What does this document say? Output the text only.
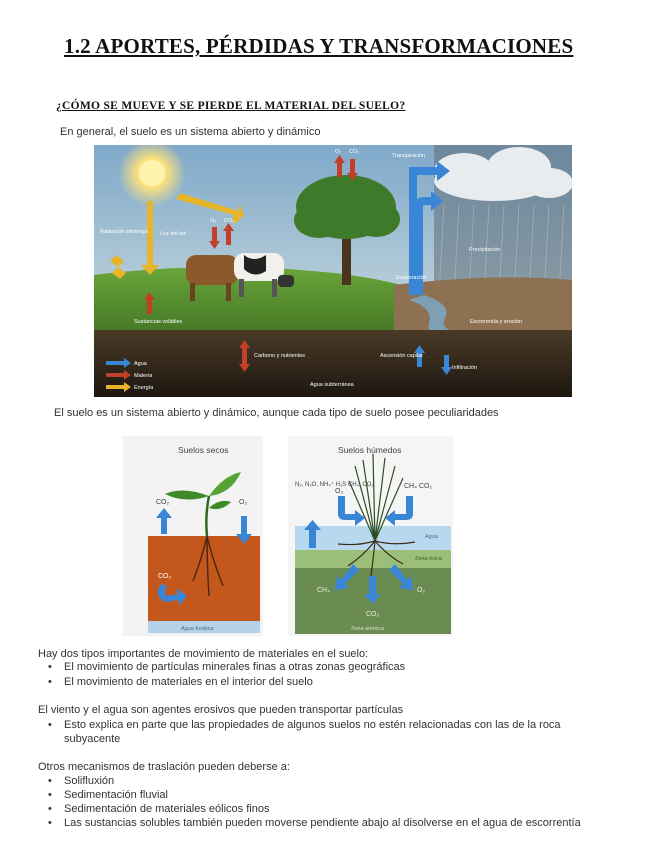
1.2 APORTES, PÉRDIDAS Y TRANSFORMACIONES
¿CÓMO SE MUEVE Y SE PIERDE EL MATERIAL DEL SUELO?
En general, el suelo es un sistema abierto y dinámico
O₂ CO₂
Transpiración
Radiación infrarroja Luz del sol
O₂ CO₂
Precipitación
Evaporación
Sustancias volátiles	Escorrentía y erosión
Carbono y nutrientes	Ascensión capilar
Infiltración
Agua subterránea
Agua
Materia
Energía
El suelo es un sistema abierto y dinámico, aunque cada tipo de suelo posee peculiaridades
Suelos secos	Suelos húmedos
CO₂	O₂
CO₂
Agua freática
N₂, N₂O, NH₄⁺ H₂S CH₄, CO₂
O₂
CH₄ CO₂
Agua
Zona óxica
CH₄
CO₂
O₂
Zona anóxica
Hay dos tipos importantes de movimiento de materiales en el suelo:
• El movimiento de partículas minerales finas a otras zonas geográficas
• El movimiento de materiales en el interior del suelo
El viento y el agua son agentes erosivos que pueden transportar partículas
• Esto explica en parte que las propiedades de algunos suelos no estén relacionadas con las de la roca subyacente
Otros mecanismos de traslación pueden deberse a:
• Solifluxión
• Sedimentación fluvial
• Sedimentación de materiales eólicos finos
• Las sustancias solubles también pueden moverse pendiente abajo al disolverse en el agua de escorrentía
